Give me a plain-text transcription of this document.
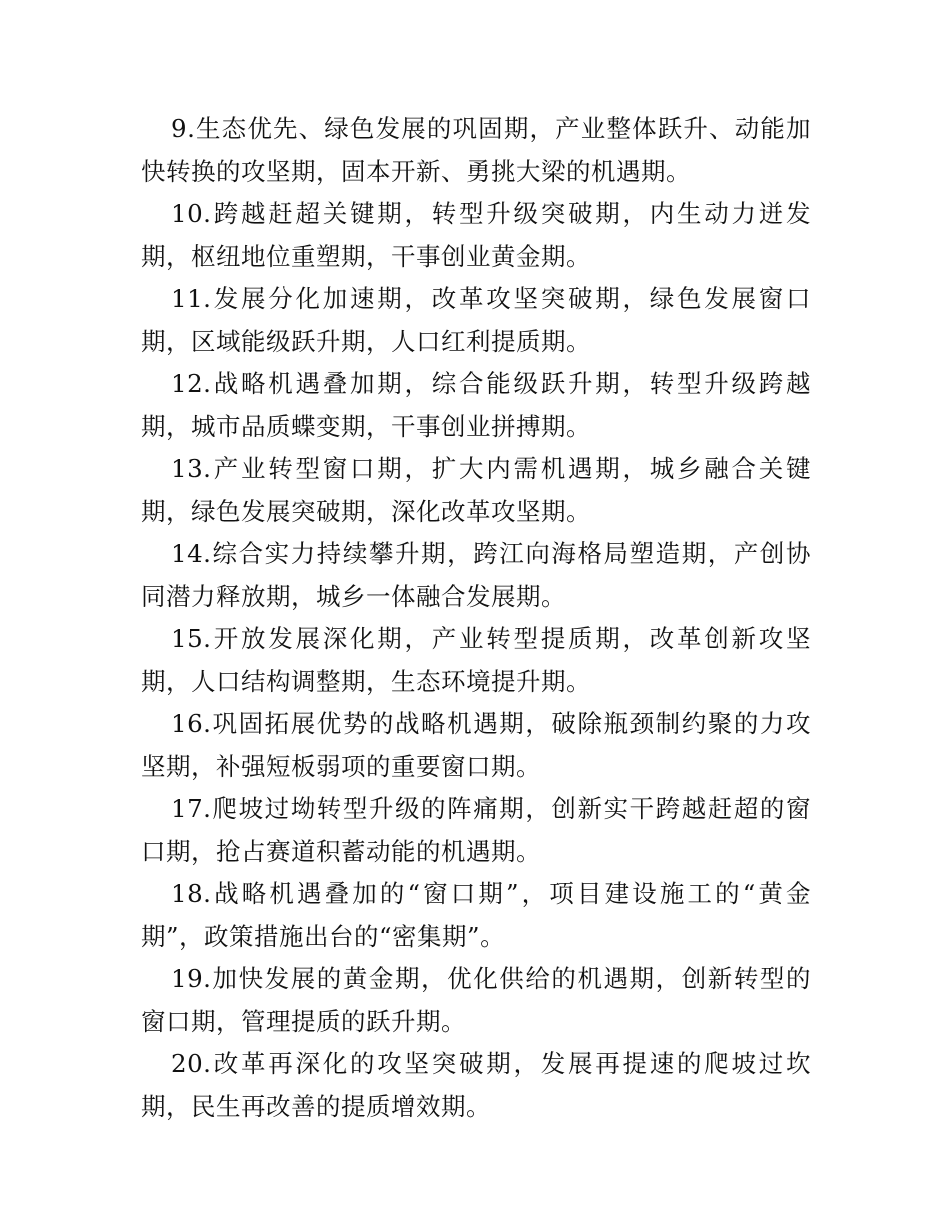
9.生态优先、绿色发展的巩固期，产业整体跃升、动能加快转换的攻坚期，固本开新、勇挑大梁的机遇期。

10.跨越赶超关键期，转型升级突破期，内生动力迸发期，枢纽地位重塑期，干事创业黄金期。

11.发展分化加速期，改革攻坚突破期，绿色发展窗口期，区域能级跃升期，人口红利提质期。

12.战略机遇叠加期，综合能级跃升期，转型升级跨越期，城市品质蝶变期，干事创业拼搏期。

13.产业转型窗口期，扩大内需机遇期，城乡融合关键期，绿色发展突破期，深化改革攻坚期。

14.综合实力持续攀升期，跨江向海格局塑造期，产创协同潜力释放期，城乡一体融合发展期。

15.开放发展深化期，产业转型提质期，改革创新攻坚期，人口结构调整期，生态环境提升期。

16.巩固拓展优势的战略机遇期，破除瓶颈制约聚的力攻坚期，补强短板弱项的重要窗口期。

17.爬坡过坳转型升级的阵痛期，创新实干跨越赶超的窗口期，抢占赛道积蓄动能的机遇期。

18.战略机遇叠加的“窗口期”，项目建设施工的“黄金期”，政策措施出台的“密集期”。

19.加快发展的黄金期，优化供给的机遇期，创新转型的窗口期，管理提质的跃升期。

20.改革再深化的攻坚突破期，发展再提速的爬坡过坎期，民生再改善的提质增效期。
